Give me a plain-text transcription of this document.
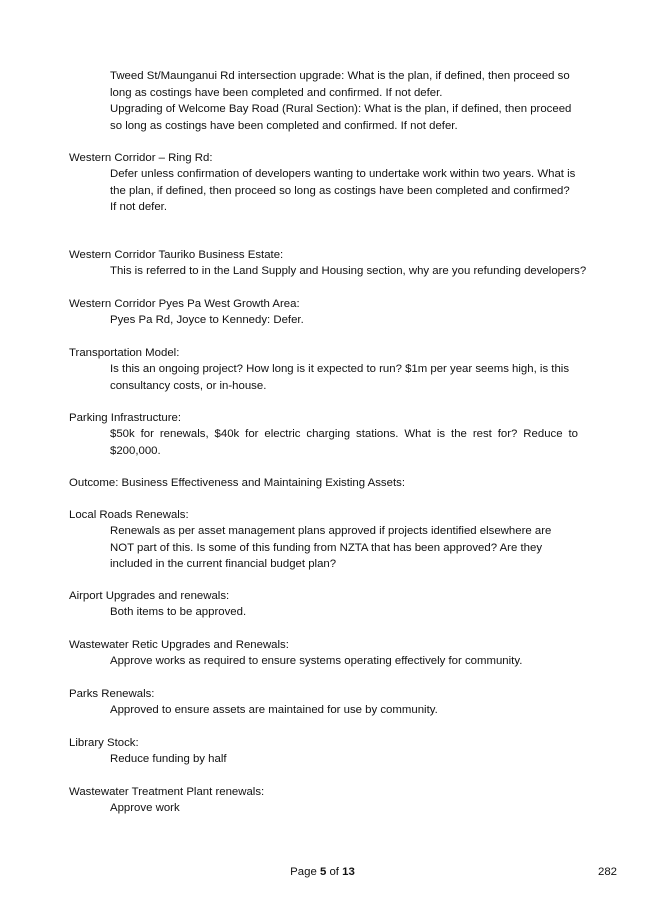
Tweed St/Maunganui Rd intersection upgrade: What is the plan, if defined, then proceed so long as costings have been completed and confirmed. If not defer.

Upgrading of Welcome Bay Road (Rural Section): What is the plan, if defined, then proceed so long as costings have been completed and confirmed. If not defer.

Western Corridor – Ring Rd:

Defer unless confirmation of developers wanting to undertake work within two years. What is the plan, if defined, then proceed so long as costings have been completed and confirmed? If not defer.

Western Corridor Tauriko Business Estate:

This is referred to in the Land Supply and Housing section, why are you refunding developers?

Western Corridor Pyes Pa West Growth Area:

Pyes Pa Rd, Joyce to Kennedy: Defer.

Transportation Model:

Is this an ongoing project? How long is it expected to run? $1m per year seems high, is this consultancy costs, or in-house.

Parking Infrastructure:

$50k for renewals, $40k for electric charging stations. What is the rest for? Reduce to $200,000.

Outcome: Business Effectiveness and Maintaining Existing Assets:

Local Roads Renewals:

Renewals as per asset management plans approved if projects identified elsewhere are NOT part of this. Is some of this funding from NZTA that has been approved? Are they included in the current financial budget plan?

Airport Upgrades and renewals:

Both items to be approved.

Wastewater Retic Upgrades and Renewals:

Approve works as required to ensure systems operating effectively for community.

Parks Renewals:

Approved to ensure assets are maintained for use by community.

Library Stock:

Reduce funding by half

Wastewater Treatment Plant renewals:

Approve work

Page 5 of 13	282
